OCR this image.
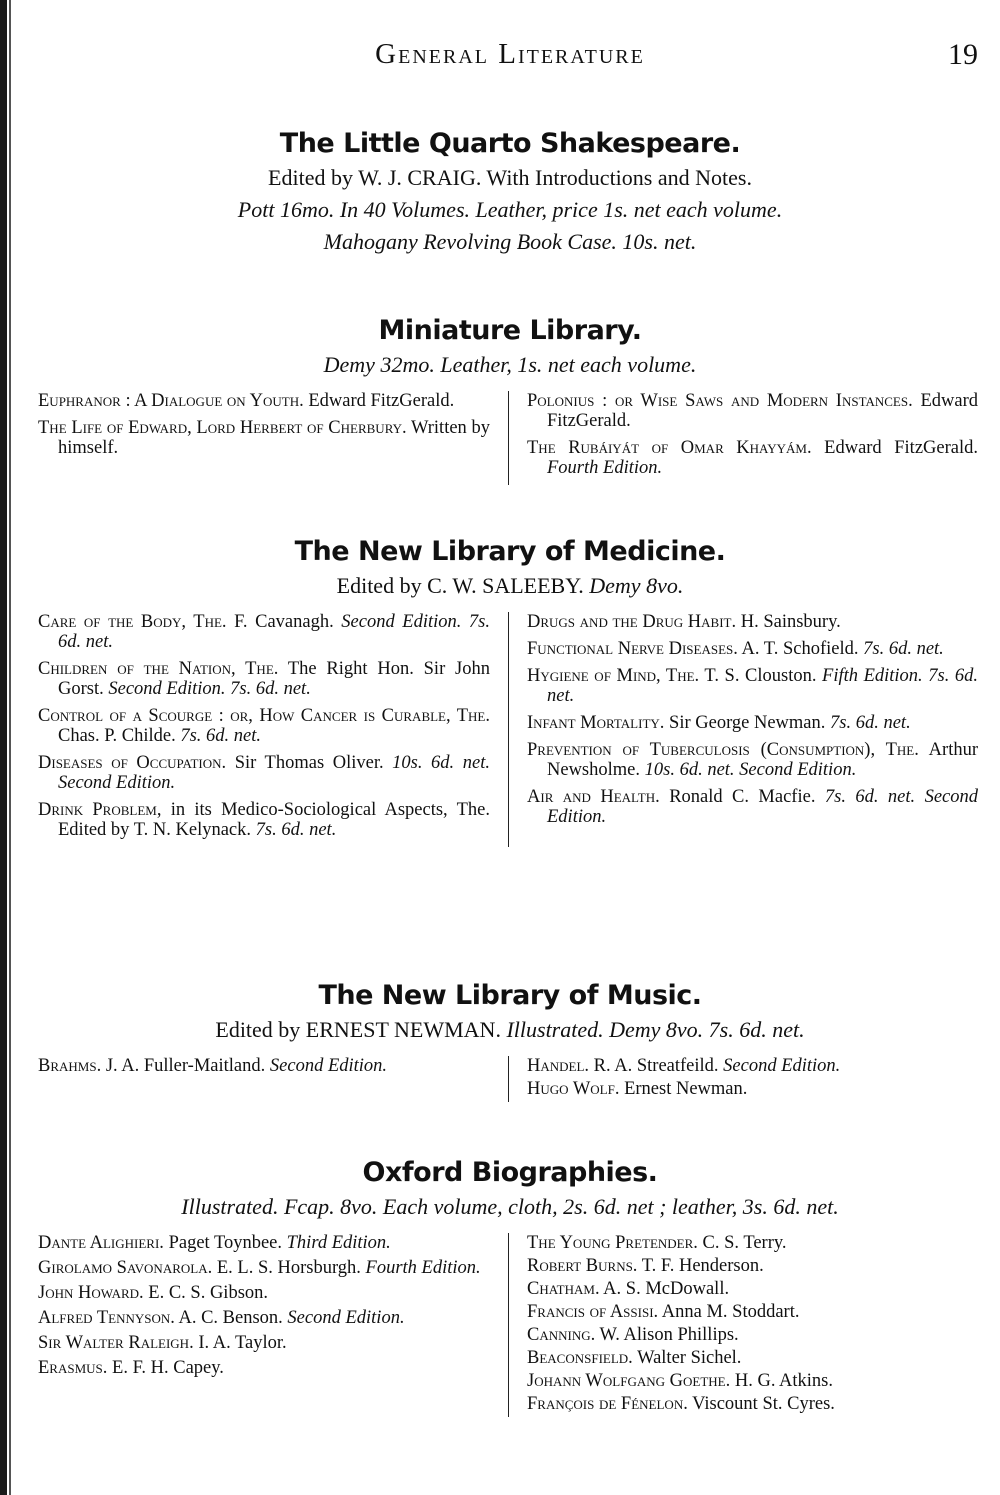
General Literature	19
The Little Quarto Shakespeare.

Edited by W. J. CRAIG. With Introductions and Notes.

Pott 16mo. In 40 Volumes. Leather, price 1s. net each volume.

Mahogany Revolving Book Case. 10s. net.

Miniature Library.

Demy 32mo. Leather, 1s. net each volume.

Euphranor : A Dialogue on Youth. Edward FitzGerald.

The Life of Edward, Lord Herbert of Cherbury. Written by himself.

Polonius : or Wise Saws and Modern Instances. Edward FitzGerald.

The Rubáiyát of Omar Khayyám. Edward FitzGerald. Fourth Edition.

The New Library of Medicine.

Edited by C. W. SALEEBY. Demy 8vo.

Care of the Body, The. F. Cavanagh. Second Edition. 7s. 6d. net.

Children of the Nation, The. The Right Hon. Sir John Gorst. Second Edition. 7s. 6d. net.

Control of a Scourge : or, How Cancer is Curable, The. Chas. P. Childe. 7s. 6d. net.

Diseases of Occupation. Sir Thomas Oliver. 10s. 6d. net. Second Edition.

Drink Problem, in its Medico-Sociological Aspects, The. Edited by T. N. Kelynack. 7s. 6d. net.

Drugs and the Drug Habit. H. Sainsbury.

Functional Nerve Diseases. A. T. Schofield. 7s. 6d. net.

Hygiene of Mind, The. T. S. Clouston. Fifth Edition. 7s. 6d. net.

Infant Mortality. Sir George Newman. 7s. 6d. net.

Prevention of Tuberculosis (Consumption), The. Arthur Newsholme. 10s. 6d. net. Second Edition.

Air and Health. Ronald C. Macfie. 7s. 6d. net. Second Edition.

The New Library of Music.

Edited by ERNEST NEWMAN. Illustrated. Demy 8vo. 7s. 6d. net.

Brahms. J. A. Fuller-Maitland. Second Edition.	Handel. R. A. Streatfeild. Second Edition.

Hugo Wolf. Ernest Newman.

Oxford Biographies.

Illustrated. Fcap. 8vo. Each volume, cloth, 2s. 6d. net ; leather, 3s. 6d. net.

Dante Alighieri. Paget Toynbee. Third Edition.

Girolamo Savonarola. E. L. S. Horsburgh. Fourth Edition.

John Howard. E. C. S. Gibson.

Alfred Tennyson. A. C. Benson. Second Edition.

Sir Walter Raleigh. I. A. Taylor.

Erasmus. E. F. H. Capey.

The Young Pretender. C. S. Terry.

Robert Burns. T. F. Henderson.

Chatham. A. S. McDowall.

Francis of Assisi. Anna M. Stoddart.

Canning. W. Alison Phillips.

Beaconsfield. Walter Sichel.

Johann Wolfgang Goethe. H. G. Atkins.

François de Fénelon. Viscount St. Cyres.
